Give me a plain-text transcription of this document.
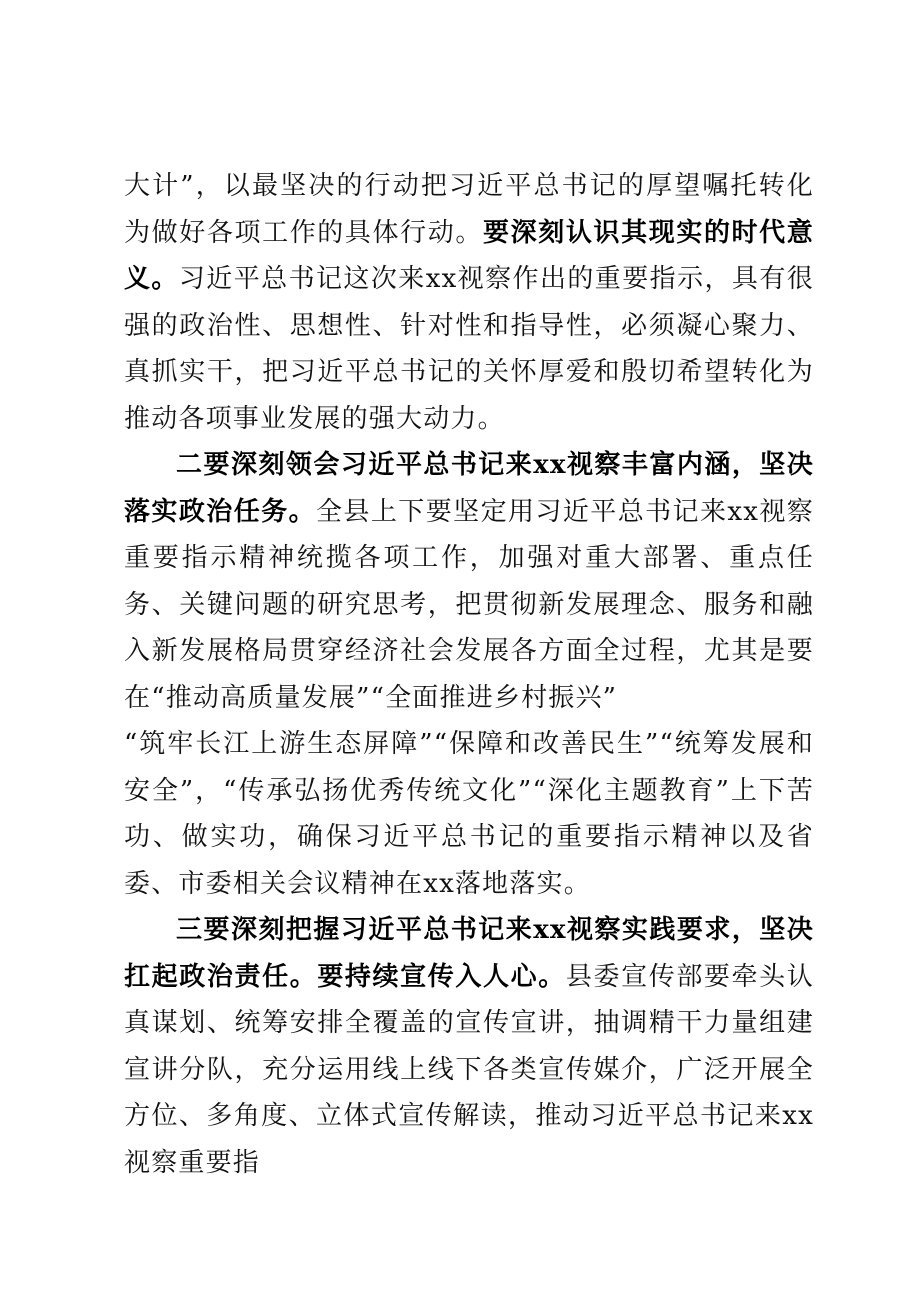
大计”，以最坚决的行动把习近平总书记的厚望嘱托转化为做好各项工作的具体行动。要深刻认识其现实的时代意义。习近平总书记这次来xx视察作出的重要指示，具有很强的政治性、思想性、针对性和指导性，必须凝心聚力、真抓实干，把习近平总书记的关怀厚爱和殷切希望转化为推动各项事业发展的强大动力。

二要深刻领会习近平总书记来xx视察丰富内涵，坚决落实政治任务。全县上下要坚定用习近平总书记来xx视察重要指示精神统揽各项工作，加强对重大部署、重点任务、关键问题的研究思考，把贯彻新发展理念、服务和融入新发展格局贯穿经济社会发展各方面全过程，尤其是要在“推动高质量发展”“全面推进乡村振兴”

“筑牢长江上游生态屏障”“保障和改善民生”“统筹发展和安全”，“传承弘扬优秀传统文化”“深化主题教育”上下苦功、做实功，确保习近平总书记的重要指示精神以及省委、市委相关会议精神在xx落地落实。

三要深刻把握习近平总书记来xx视察实践要求，坚决扛起政治责任。要持续宣传入人心。县委宣传部要牵头认真谋划、统筹安排全覆盖的宣传宣讲，抽调精干力量组建宣讲分队，充分运用线上线下各类宣传媒介，广泛开展全方位、多角度、立体式宣传解读，推动习近平总书记来xx视察重要指
